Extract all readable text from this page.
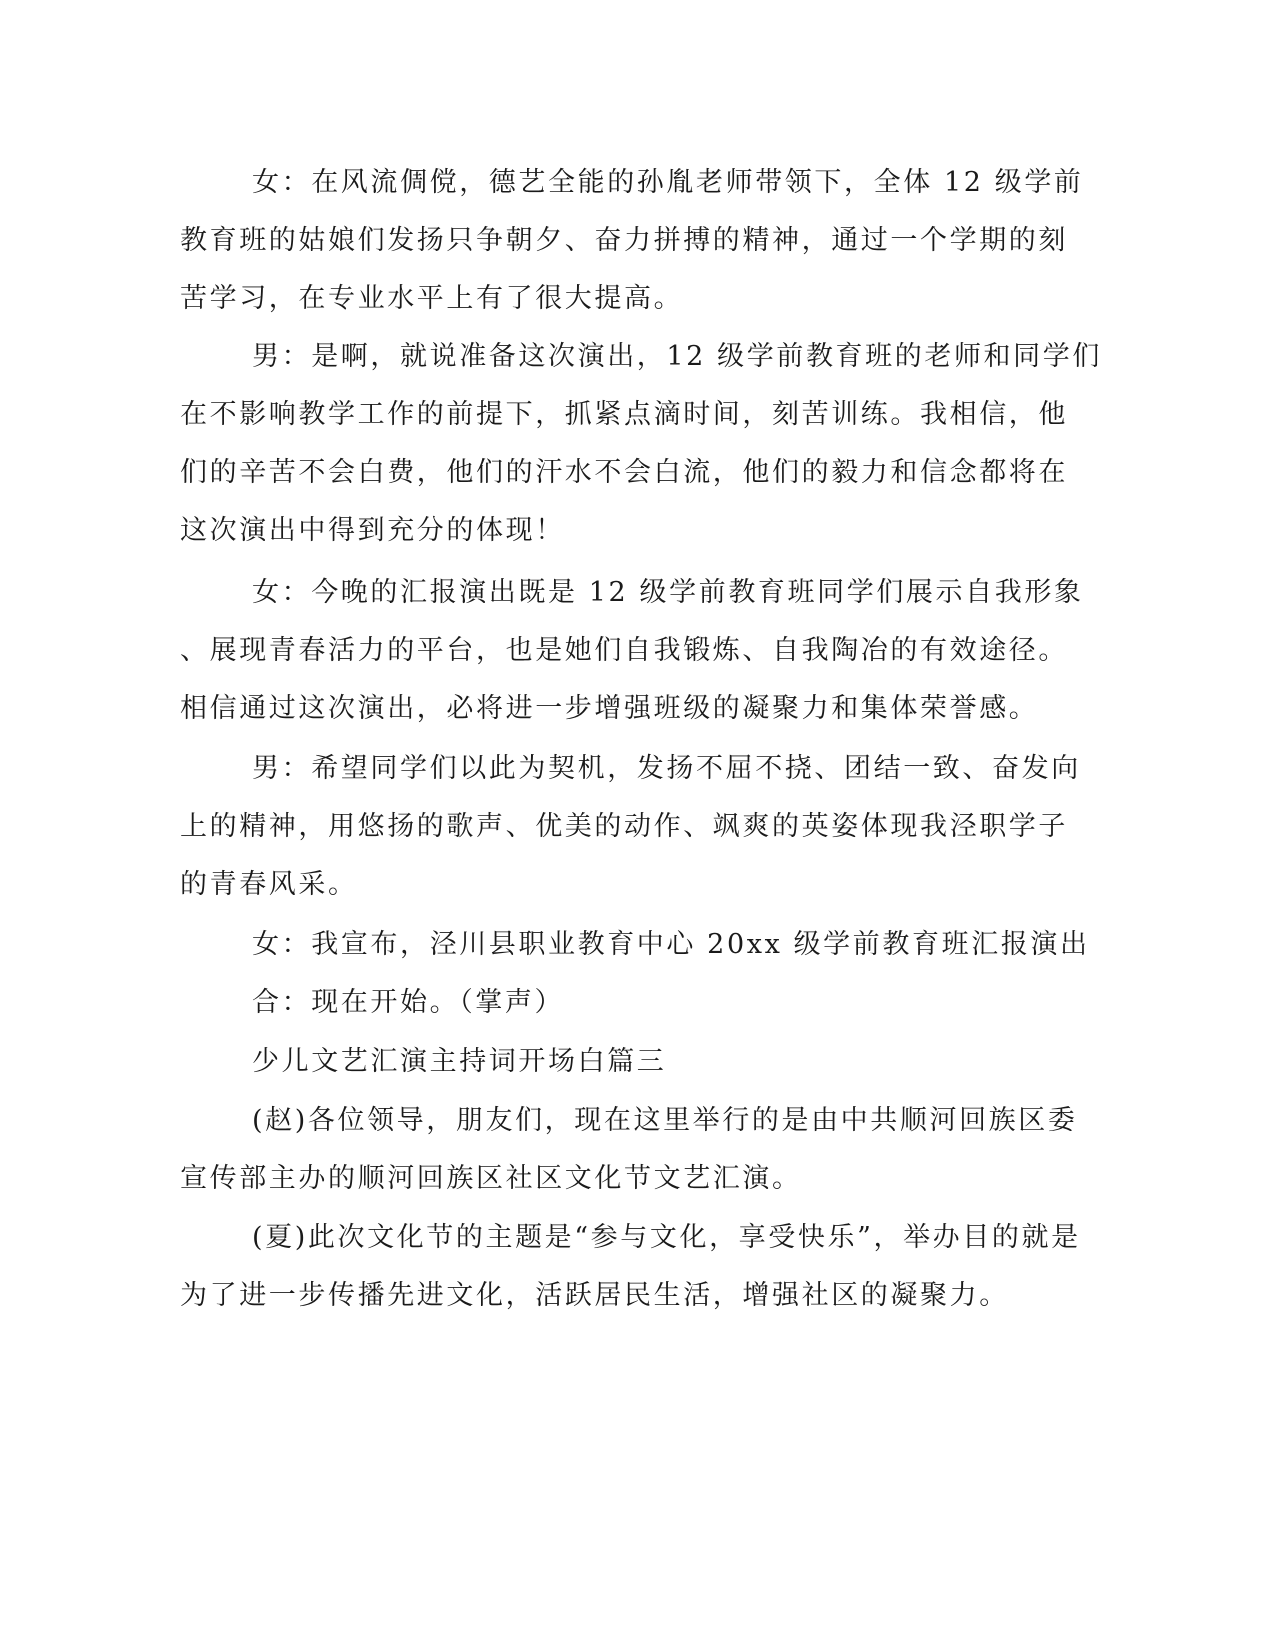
女：在风流倜傥，德艺全能的孙胤老师带领下，全体 12 级学前
教育班的姑娘们发扬只争朝夕、奋力拼搏的精神，通过一个学期的刻
苦学习，在专业水平上有了很大提高。
男：是啊，就说准备这次演出，12 级学前教育班的老师和同学们
在不影响教学工作的前提下，抓紧点滴时间，刻苦训练。我相信，他
们的辛苦不会白费，他们的汗水不会白流，他们的毅力和信念都将在
这次演出中得到充分的体现！
女：今晚的汇报演出既是 12 级学前教育班同学们展示自我形象
、展现青春活力的平台，也是她们自我锻炼、自我陶冶的有效途径。
相信通过这次演出，必将进一步增强班级的凝聚力和集体荣誉感。
男：希望同学们以此为契机，发扬不屈不挠、团结一致、奋发向
上的精神，用悠扬的歌声、优美的动作、飒爽的英姿体现我泾职学子
的青春风采。
女：我宣布，泾川县职业教育中心 20xx 级学前教育班汇报演出
合：现在开始。（掌声）
少儿文艺汇演主持词开场白篇三
(赵)各位领导，朋友们，现在这里举行的是由中共顺河回族区委
宣传部主办的顺河回族区社区文化节文艺汇演。
(夏)此次文化节的主题是“参与文化，享受快乐”，举办目的就是
为了进一步传播先进文化，活跃居民生活，增强社区的凝聚力。
